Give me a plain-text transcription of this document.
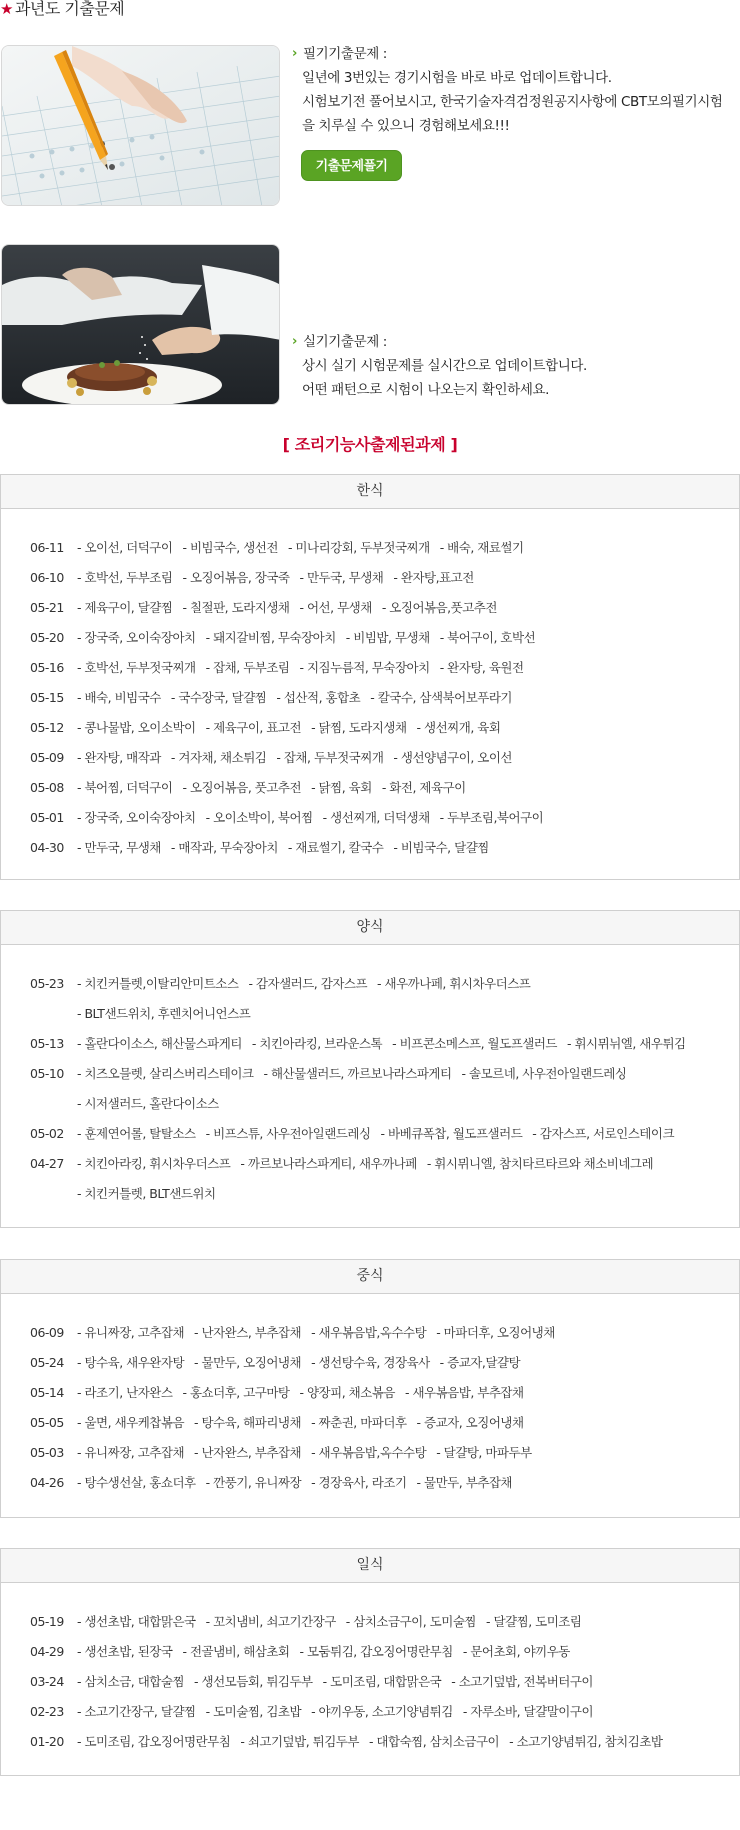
★ 과년도 기출문제
› 필기기출문제 :
일년에 3번있는 경기시험을 바로 바로 업데이트합니다.
시험보기전 풀어보시고, 한국기술자격검정원공지사항에 CBT모의필기시험
을 치루실 수 있으니 경험해보세요!!!
기출문제풀기
› 실기기출문제 :
상시 실기 시험문제를 실시간으로 업데이트합니다.
어떤 패턴으로 시험이 나오는지 확인하세요.
[ 조리기능사출제된과제 ]
한식
06-11	- 오이선, 더덕구이 - 비빔국수, 생선전 - 미나리강회, 두부젓국찌개 - 배숙, 재료썰기
06-10	- 호박선, 두부조림 - 오징어볶음, 장국죽 - 만두국, 무생채 - 완자탕,표고전
05-21	- 제육구이, 달걀찜 - 칠절판, 도라지생채 - 어선, 무생채 - 오징어볶음,풋고추전
05-20	- 장국죽, 오이숙장아치 - 돼지갈비찜, 무숙장아치 - 비빔밥, 무생채 - 북어구이, 호박선
05-16	- 호박선, 두부젓국찌개 - 잡채, 두부조림 - 지짐누름적, 무숙장아치 - 완자탕, 육원전
05-15	- 배숙, 비빔국수 - 국수장국, 달걀찜 - 섭산적, 홍합초 - 칼국수, 삼색북어보푸라기
05-12	- 콩나물밥, 오이소박이 - 제육구이, 표고전 - 닭찜, 도라지생채 - 생선찌개, 육회
05-09	- 완자탕, 매작과 - 겨자채, 채소튀김 - 잡채, 두부젓국찌개 - 생선양념구이, 오이선
05-08	- 북어찜, 더덕구이 - 오징어볶음, 풋고추전 - 닭찜, 육회 - 화전, 제육구이
05-01	- 장국죽, 오이숙장아치 - 오이소박이, 북어찜 - 생선찌개, 더덕생채 - 두부조림,북어구이
04-30	- 만두국, 무생채 - 매작과, 무숙장아치 - 재료썰기, 칼국수 - 비빔국수, 달걀찜
양식
05-23	- 치킨커틀렛,이탈리안미트소스 - 감자샐러드, 감자스프 - 새우까나페, 휘시차우더스프
- BLT샌드위치, 후렌치어니언스프
05-13	- 홀란다이소스, 해산물스파게티 - 치킨아라킹, 브라운스톡 - 비프콘소메스프, 월도프샐러드 - 휘시뮈뉘엘, 새우튀김
05-10	- 치즈오믈렛, 살리스버리스테이크 - 해산물샐러드, 까르보나라스파게티 - 솔모르네, 사우전아일랜드레싱
- 시저샐러드, 홀란다이소스
05-02	- 훈제연어롤, 탈탈소스 - 비프스튜, 사우전아일랜드레싱 - 바베큐폭찹, 월도프샐러드 - 감자스프, 서로인스테이크
04-27	- 치킨아라킹, 휘시차우더스프 - 까르보나라스파게티, 새우까나페 - 휘시뮈니엘, 참치타르타르와 채소비네그레
- 치킨커틀렛, BLT샌드위치
중식
06-09	- 유니짜장, 고추잡채 - 난자완스, 부추잡채 - 새우볶음밥,옥수수탕 - 마파더후, 오징어냉채
05-24	- 탕수육, 새우완자탕 - 물만두, 오징어냉채 - 생선탕수육, 경장육사 - 증교자,달걀탕
05-14	- 라조기, 난자완스 - 홍쇼더후, 고구마탕 - 양장피, 채소볶음 - 새우볶음밥, 부추잡채
05-05	- 울면, 새우케찹볶음 - 탕수육, 해파리냉채 - 짜춘권, 마파더후 - 증교자, 오징어냉채
05-03	- 유니짜장, 고추잡채 - 난자완스, 부추잡채 - 새우볶음밥,옥수수탕 - 달걀탕, 마파두부
04-26	- 탕수생선살, 홍쇼더후 - 깐풍기, 유니짜장 - 경장육사, 라조기 - 물만두, 부추잡채
일식
05-19	- 생선초밥, 대합맑은국 - 꼬치냄비, 쇠고기간장구 - 삼치소금구이, 도미술찜 - 달걀찜, 도미조림
04-29	- 생선초밥, 된장국 - 전골냄비, 해삼초회 - 모둠튀김, 갑오징어명란무침 - 문어초회, 야끼우동
03-24	- 삼치소금, 대합술찜 - 생선모듬회, 튀김두부 - 도미조림, 대합맑은국 - 소고기덮밥, 전복버터구이
02-23	- 소고기간장구, 달걀찜 - 도미술찜, 김초밥 - 야끼우동, 소고기양념튀김 - 자루소바, 달걀말이구이
01-20	- 도미조림, 갑오징어명란무침 - 쇠고기덮밥, 튀김두부 - 대합숙찜, 삼치소금구이 - 소고기양념튀김, 참치김초밥
